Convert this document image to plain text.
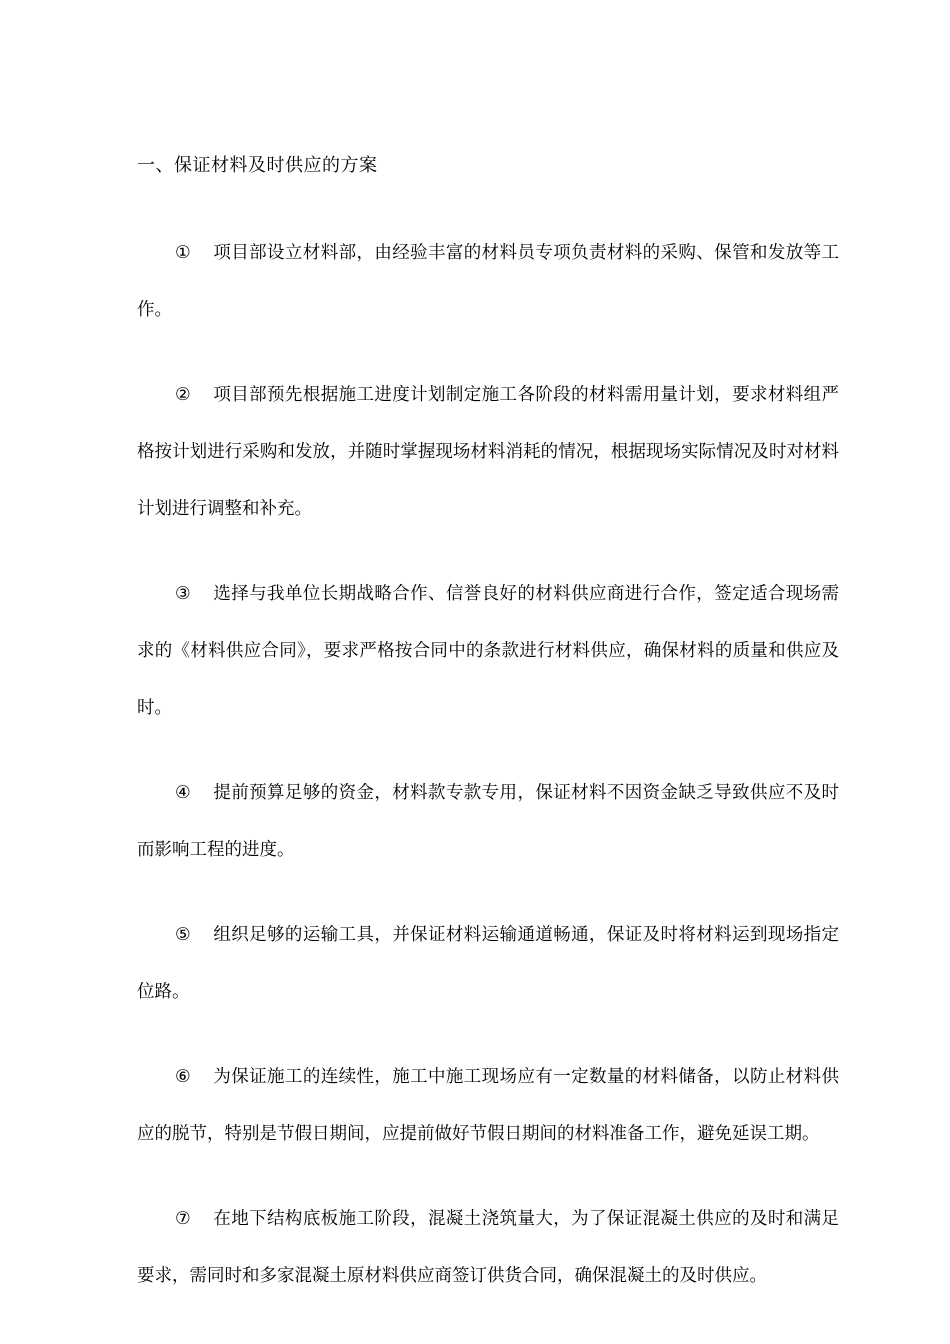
一、保证材料及时供应的方案

① 项目部设立材料部，由经验丰富的材料员专项负责材料的采购、保管和发放等工作。

② 项目部预先根据施工进度计划制定施工各阶段的材料需用量计划，要求材料组严格按计划进行采购和发放，并随时掌握现场材料消耗的情况，根据现场实际情况及时对材料计划进行调整和补充。

③ 选择与我单位长期战略合作、信誉良好的材料供应商进行合作，签定适合现场需求的《材料供应合同》，要求严格按合同中的条款进行材料供应，确保材料的质量和供应及时。

④ 提前预算足够的资金，材料款专款专用，保证材料不因资金缺乏导致供应不及时而影响工程的进度。

⑤ 组织足够的运输工具，并保证材料运输通道畅通，保证及时将材料运到现场指定位路。

⑥ 为保证施工的连续性，施工中施工现场应有一定数量的材料储备，以防止材料供应的脱节，特别是节假日期间，应提前做好节假日期间的材料准备工作，避免延误工期。

⑦ 在地下结构底板施工阶段，混凝土浇筑量大，为了保证混凝土供应的及时和满足要求，需同时和多家混凝土原材料供应商签订供货合同，确保混凝土的及时供应。
